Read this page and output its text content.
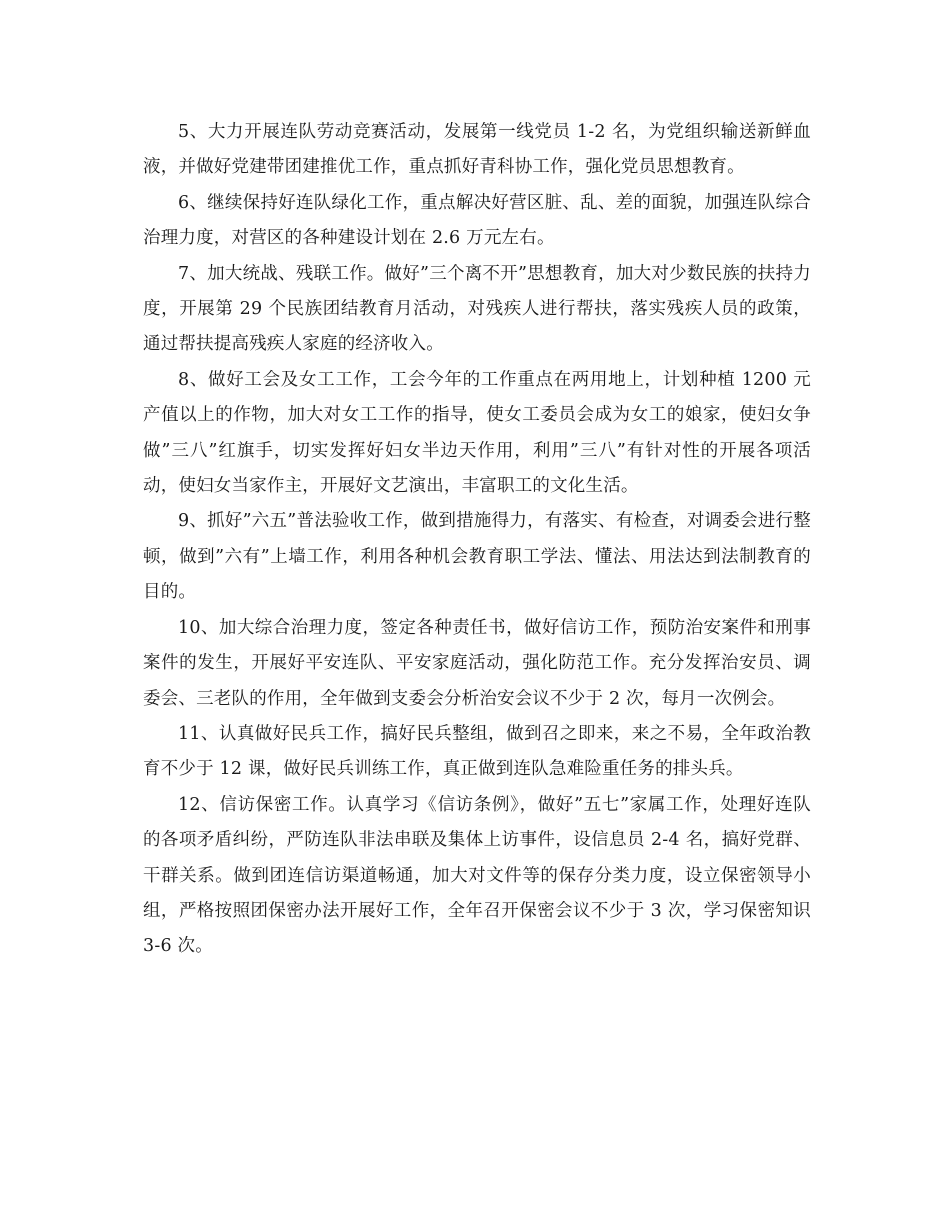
5、大力开展连队劳动竞赛活动，发展第一线党员 1-2 名，为党组织输送新鲜血液，并做好党建带团建推优工作，重点抓好青科协工作，强化党员思想教育。

6、继续保持好连队绿化工作，重点解决好营区脏、乱、差的面貌，加强连队综合治理力度，对营区的各种建设计划在 2.6 万元左右。

7、加大统战、残联工作。做好”三个离不开”思想教育，加大对少数民族的扶持力度，开展第 29 个民族团结教育月活动，对残疾人进行帮扶，落实残疾人员的政策，通过帮扶提高残疾人家庭的经济收入。

8、做好工会及女工工作，工会今年的工作重点在两用地上，计划种植 1200 元产值以上的作物，加大对女工工作的指导，使女工委员会成为女工的娘家，使妇女争做”三八”红旗手，切实发挥好妇女半边天作用，利用”三八”有针对性的开展各项活动，使妇女当家作主，开展好文艺演出，丰富职工的文化生活。

9、抓好”六五”普法验收工作，做到措施得力，有落实、有检查，对调委会进行整顿，做到”六有”上墙工作，利用各种机会教育职工学法、懂法、用法达到法制教育的目的。

10、加大综合治理力度，签定各种责任书，做好信访工作，预防治安案件和刑事案件的发生，开展好平安连队、平安家庭活动，强化防范工作。充分发挥治安员、调委会、三老队的作用，全年做到支委会分析治安会议不少于 2 次，每月一次例会。

11、认真做好民兵工作，搞好民兵整组，做到召之即来，来之不易，全年政治教育不少于 12 课，做好民兵训练工作，真正做到连队急难险重任务的排头兵。

12、信访保密工作。认真学习《信访条例》，做好”五七”家属工作，处理好连队的各项矛盾纠纷，严防连队非法串联及集体上访事件，设信息员 2-4 名，搞好党群、干群关系。做到团连信访渠道畅通，加大对文件等的保存分类力度，设立保密领导小组，严格按照团保密办法开展好工作，全年召开保密会议不少于 3 次，学习保密知识 3-6 次。
